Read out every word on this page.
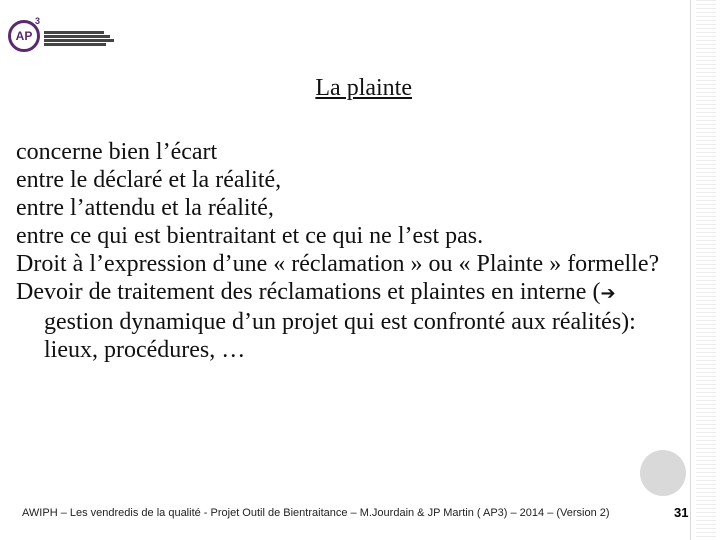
AP
3
La plainte

concerne bien l’écart

entre le déclaré et la réalité,

entre l’attendu et la réalité,

entre ce qui est bientraitant et ce qui ne l’est pas.

Droit à l’expression d’une « réclamation » ou « Plainte » formelle?

Devoir de traitement des réclamations et plaintes en interne (➔ gestion dynamique d’un projet qui est confronté aux réalités): lieux, procédures, …

AWIPH – Les vendredis de la qualité - Projet Outil de Bientraitance – M.Jourdain & JP Martin ( AP3) – 2014 – (Version 2)	31
